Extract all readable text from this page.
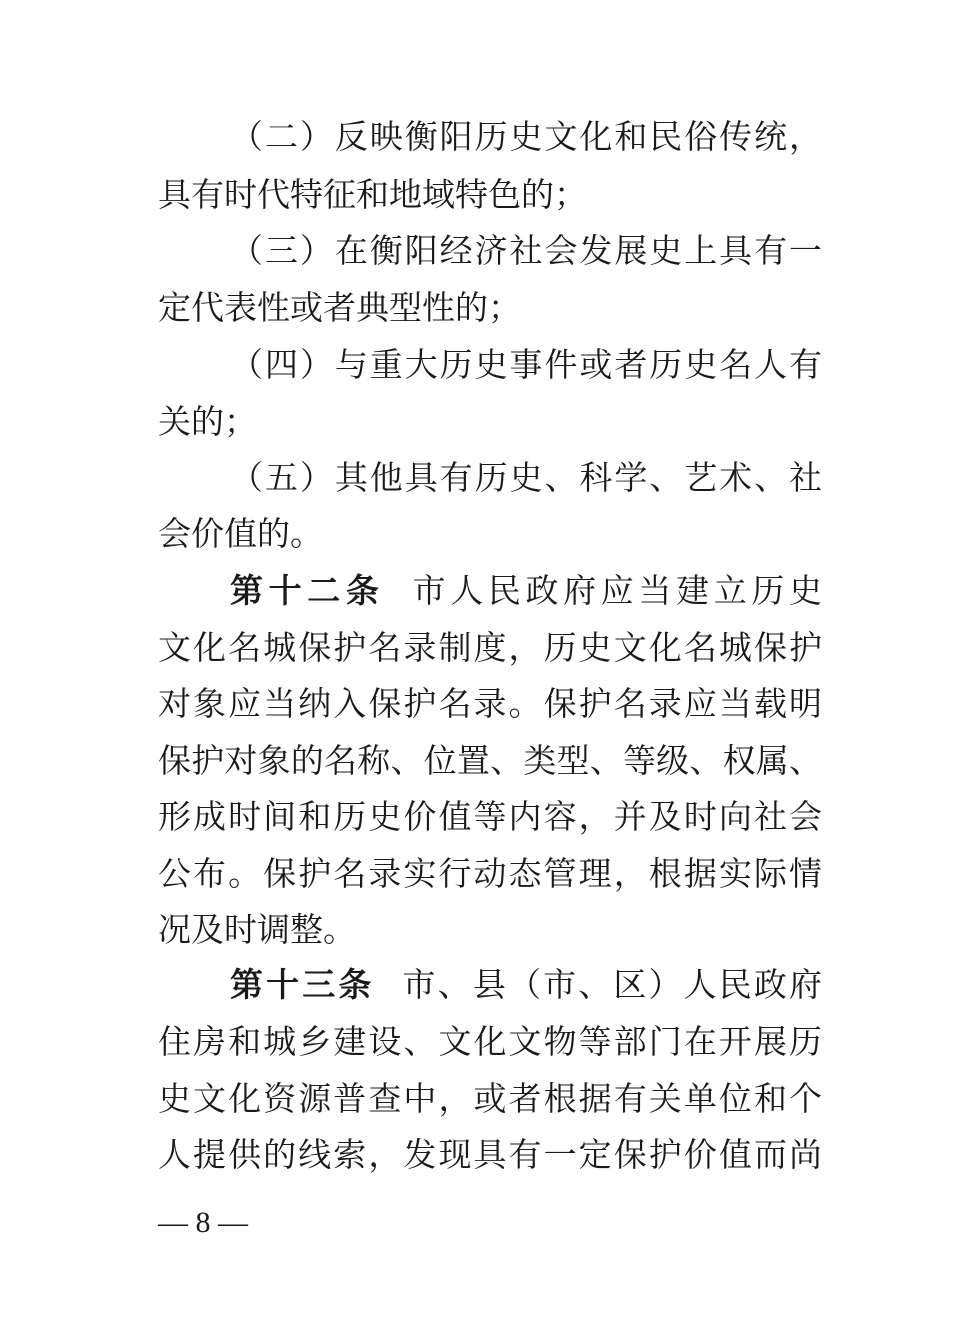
（二）反映衡阳历史文化和民俗传统，
具有时代特征和地域特色的；
（三）在衡阳经济社会发展史上具有一
定代表性或者典型性的；
（四）与重大历史事件或者历史名人有
关的；
（五）其他具有历史、科学、艺术、社
会价值的。
第十二条 市人民政府应当建立历史
文化名城保护名录制度，历史文化名城保护
对象应当纳入保护名录。保护名录应当载明
保护对象的名称、位置、类型、等级、权属、
形成时间和历史价值等内容，并及时向社会
公布。保护名录实行动态管理，根据实际情
况及时调整。
第十三条 市、县（市、区）人民政府
住房和城乡建设、文化文物等部门在开展历
史文化资源普查中，或者根据有关单位和个
人提供的线索，发现具有一定保护价值而尚
— 8 —
